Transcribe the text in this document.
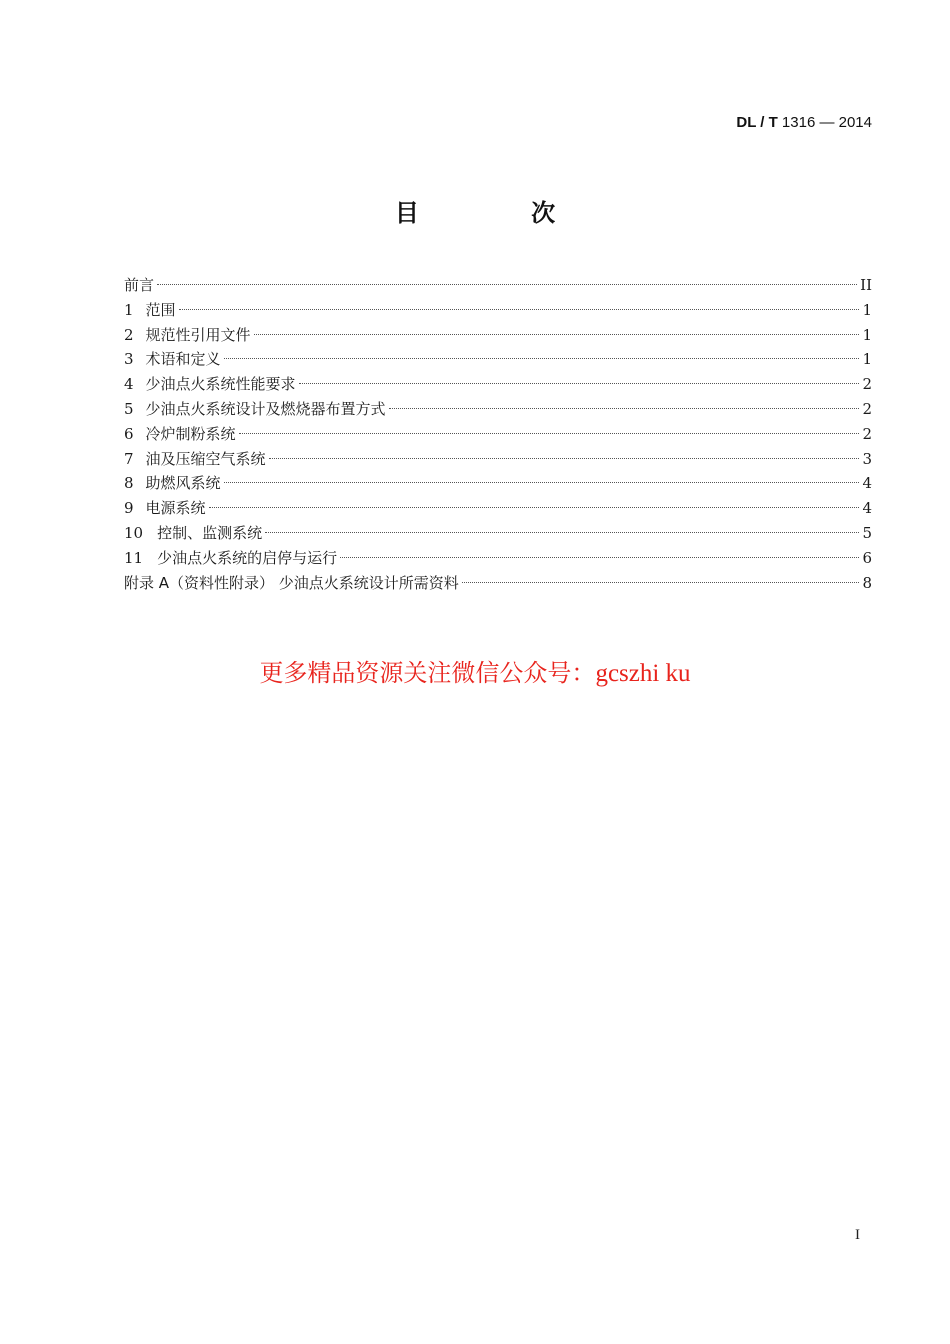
DL / T 1316 — 2014
目 次
前言	II
1 范围	1
2 规范性引用文件	1
3 术语和定义	1
4 少油点火系统性能要求	2
5 少油点火系统设计及燃烧器布置方式	2
6 冷炉制粉系统	2
7 油及压缩空气系统	3
8 助燃风系统	4
9 电源系统	4
10 控制、监测系统	5
11 少油点火系统的启停与运行	6
附录 A（资料性附录） 少油点火系统设计所需资料	8
更多精品资源关注微信公众号：gcszhi ku
I
